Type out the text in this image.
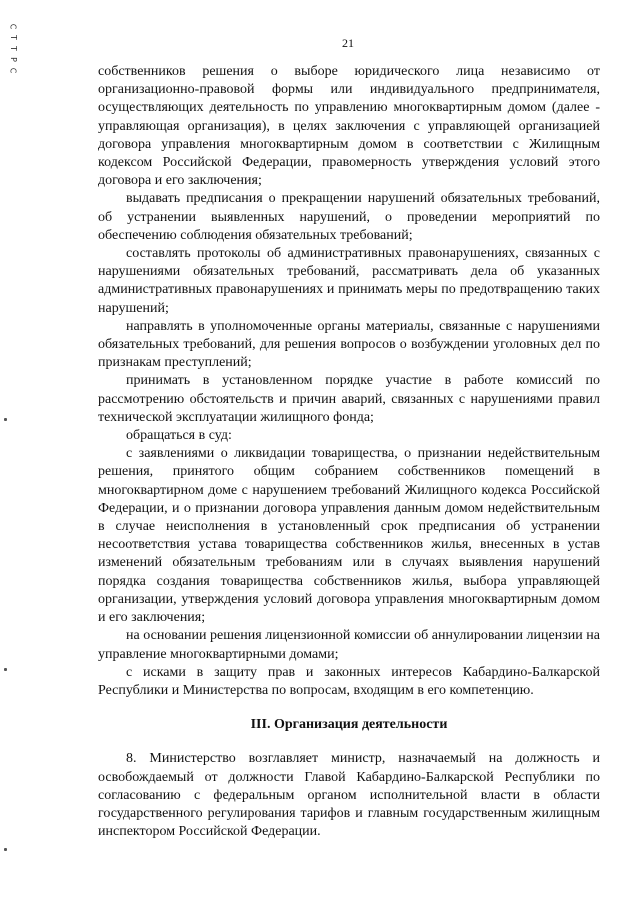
С
Т
Т
Р
С
21

собственников решения о выборе юридического лица независимо от организационно-правовой формы или индивидуального предпринимателя, осуществляющих деятельность по управлению многоквартирным домом (далее - управляющая организация), в целях заключения с управляющей организацией договора управления многоквартирным домом в соответствии с Жилищным кодексом Российской Федерации, правомерность утверждения условий этого договора и его заключения;

выдавать предписания о прекращении нарушений обязательных требований, об устранении выявленных нарушений, о проведении мероприятий по обеспечению соблюдения обязательных требований;

составлять протоколы об административных правонарушениях, связанных с нарушениями обязательных требований, рассматривать дела об указанных административных правонарушениях и принимать меры по предотвращению таких нарушений;

направлять в уполномоченные органы материалы, связанные с нарушениями обязательных требований, для решения вопросов о возбуждении уголовных дел по признакам преступлений;

принимать в установленном порядке участие в работе комиссий по рассмотрению обстоятельств и причин аварий, связанных с нарушениями правил технической эксплуатации жилищного фонда;

обращаться в суд:

с заявлениями о ликвидации товарищества, о признании недействительным решения, принятого общим собранием собственников помещений в многоквартирном доме с нарушением требований Жилищного кодекса Российской Федерации, и о признании договора управления данным домом недействительным в случае неисполнения в установленный срок предписания об устранении несоответствия устава товарищества собственников жилья, внесенных в устав изменений обязательным требованиям или в случаях выявления нарушений порядка создания товарищества собственников жилья, выбора управляющей организации, утверждения условий договора управления многоквартирным домом и его заключения;

на основании решения лицензионной комиссии об аннулировании лицензии на управление многоквартирными домами;

с исками в защиту прав и законных интересов Кабардино-Балкарской Республики и Министерства по вопросам, входящим в его компетенцию.

III. Организация деятельности

8. Министерство возглавляет министр, назначаемый на должность и освобождаемый от должности Главой Кабардино-Балкарской Республики по согласованию с федеральным органом исполнительной власти в области государственного регулирования тарифов и главным государственным жилищным инспектором Российской Федерации.
